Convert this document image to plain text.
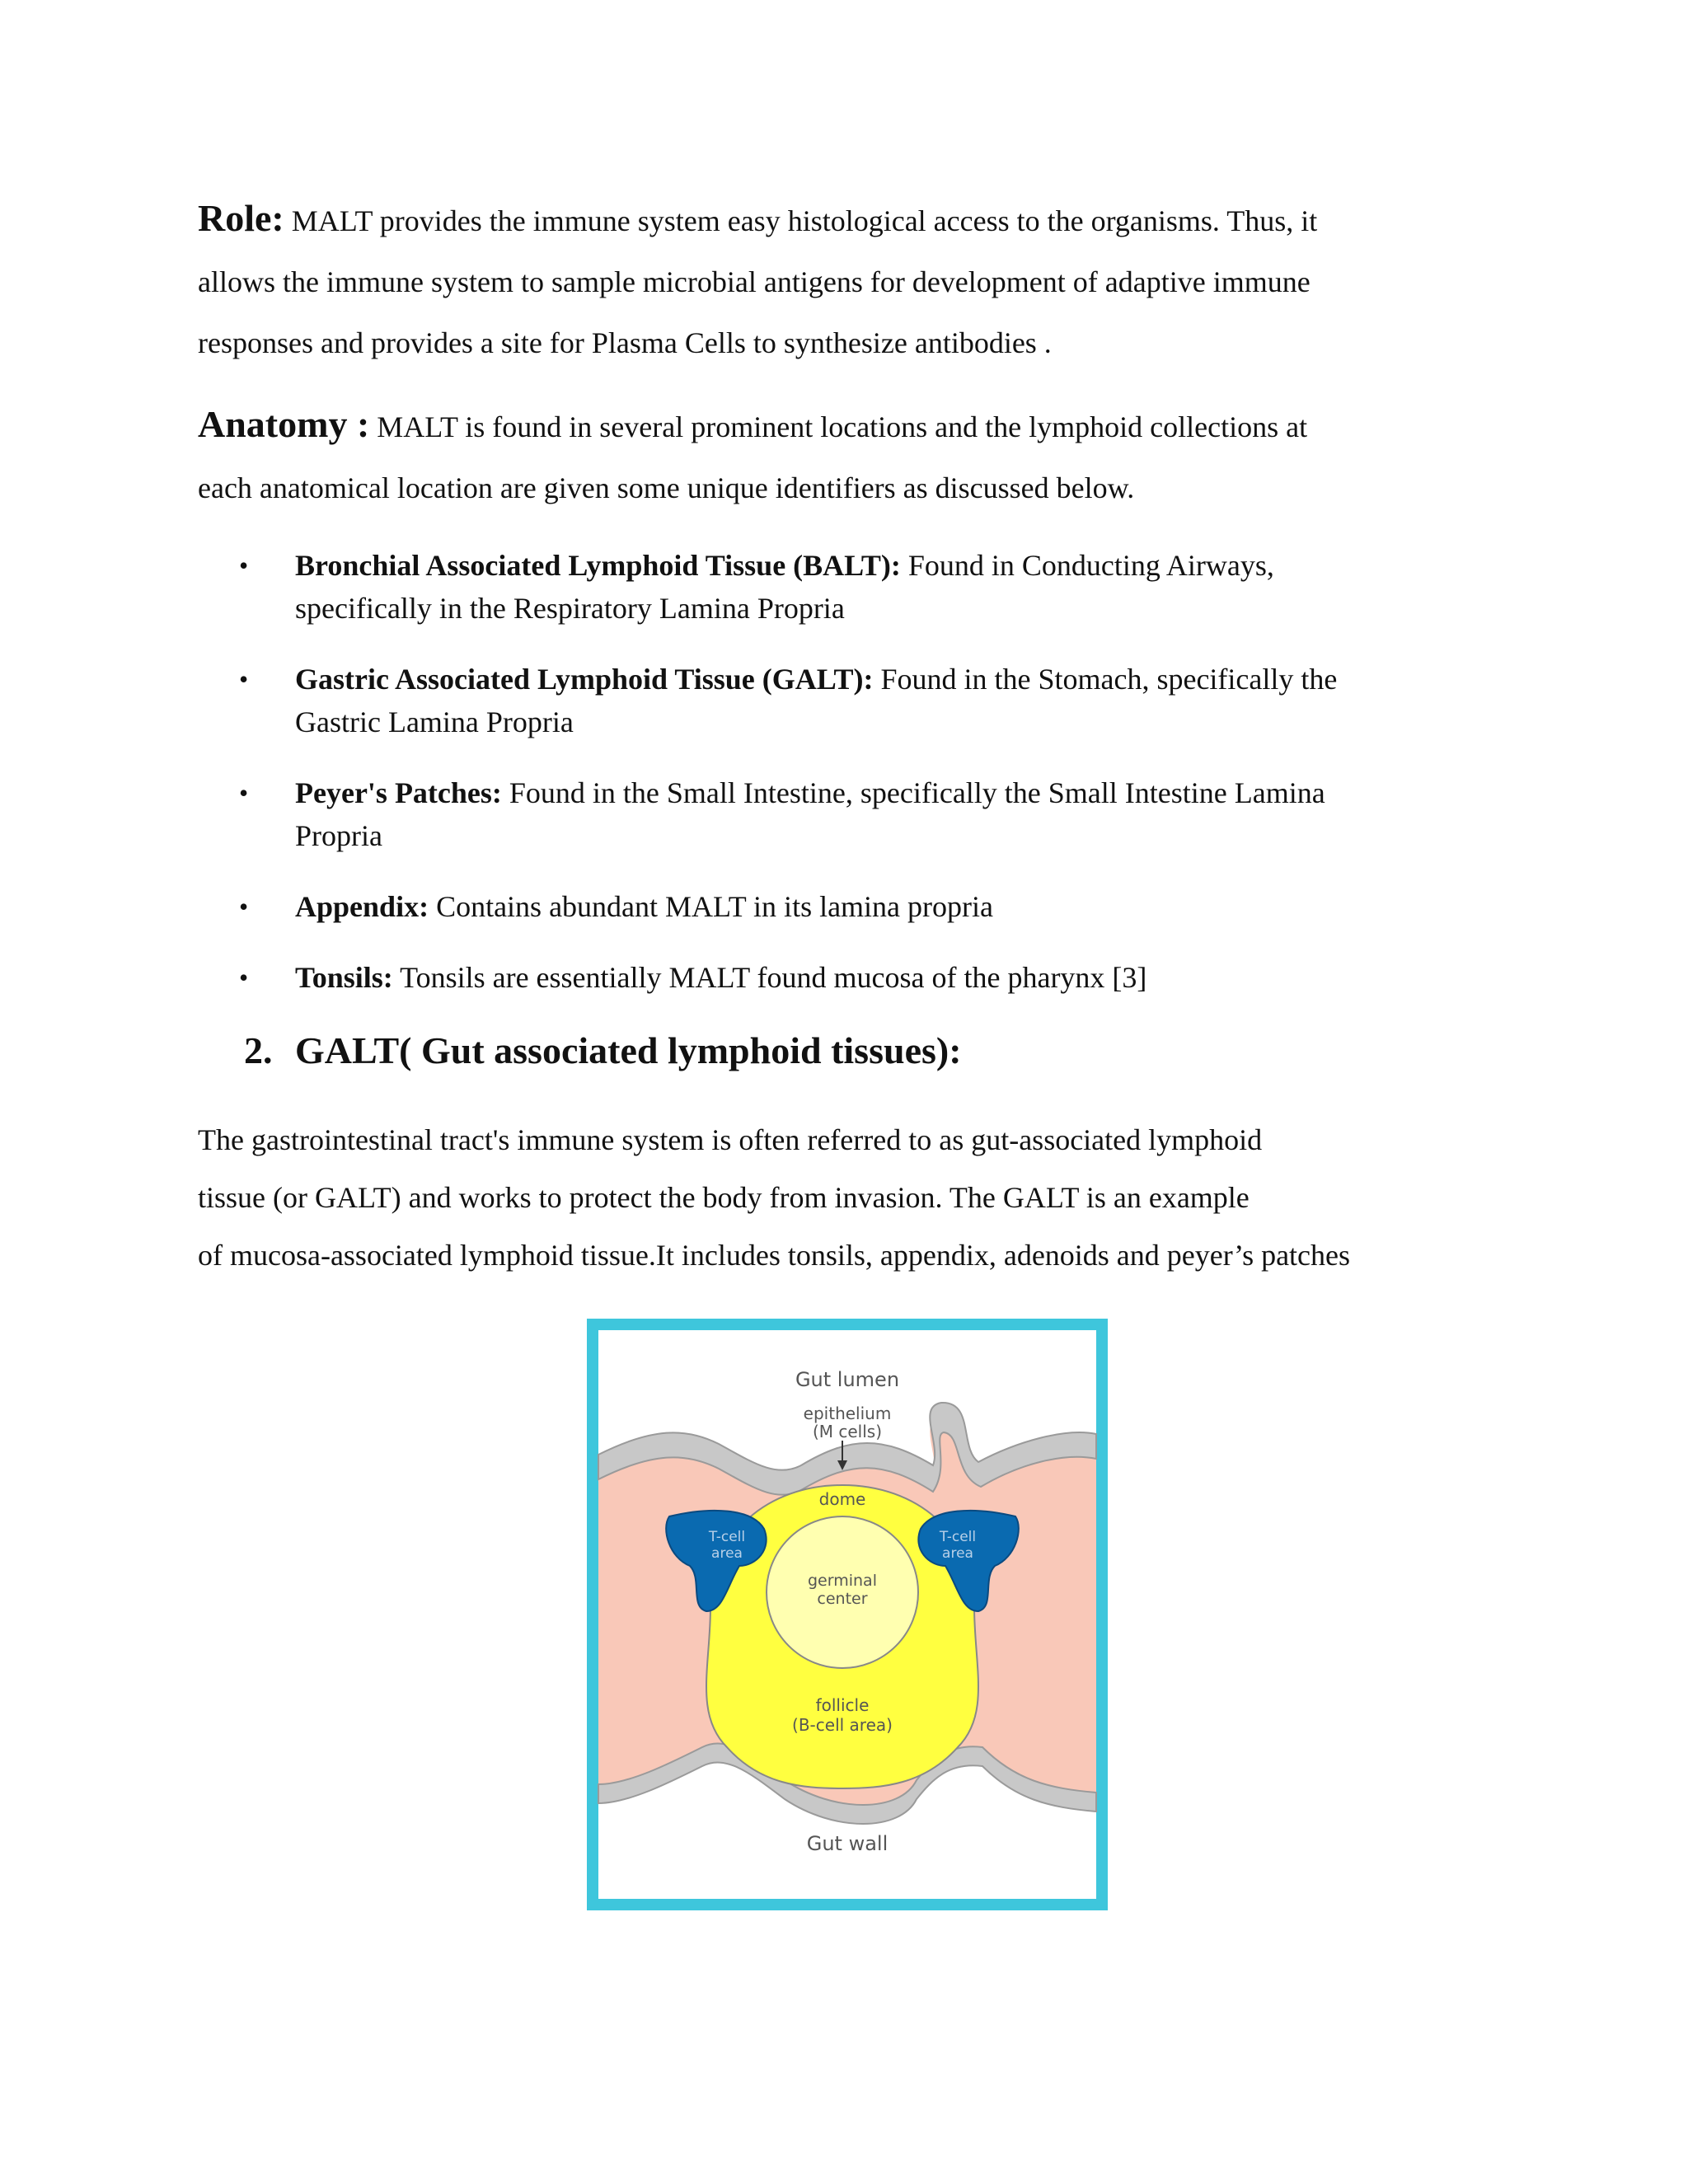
Role: MALT provides the immune system easy histological access to the organisms. Thus, it
allows the immune system to sample microbial antigens for development of adaptive immune
responses and provides a site for Plasma Cells to synthesize antibodies .
Anatomy : MALT is found in several prominent locations and the lymphoid collections at
each anatomical location are given some unique identifiers as discussed below.
• Bronchial Associated Lymphoid Tissue (BALT): Found in Conducting Airways,
specifically in the Respiratory Lamina Propria
• Gastric Associated Lymphoid Tissue (GALT): Found in the Stomach, specifically the
Gastric Lamina Propria
• Peyer's Patches: Found in the Small Intestine, specifically the Small Intestine Lamina
Propria
• Appendix: Contains abundant MALT in its lamina propria
• Tonsils: Tonsils are essentially MALT found mucosa of the pharynx [3]
2. GALT( Gut associated lymphoid tissues):
The gastrointestinal tract's immune system is often referred to as gut-associated lymphoid
tissue (or GALT) and works to protect the body from invasion. The GALT is an example
of mucosa-associated lymphoid tissue.It includes tonsils, appendix, adenoids and peyer’s patches
Gut lumen
epithelium
(M cells)
dome
T-cell
area
T-cell
area
germinal
center
follicle
(B-cell area)
Gut wall
